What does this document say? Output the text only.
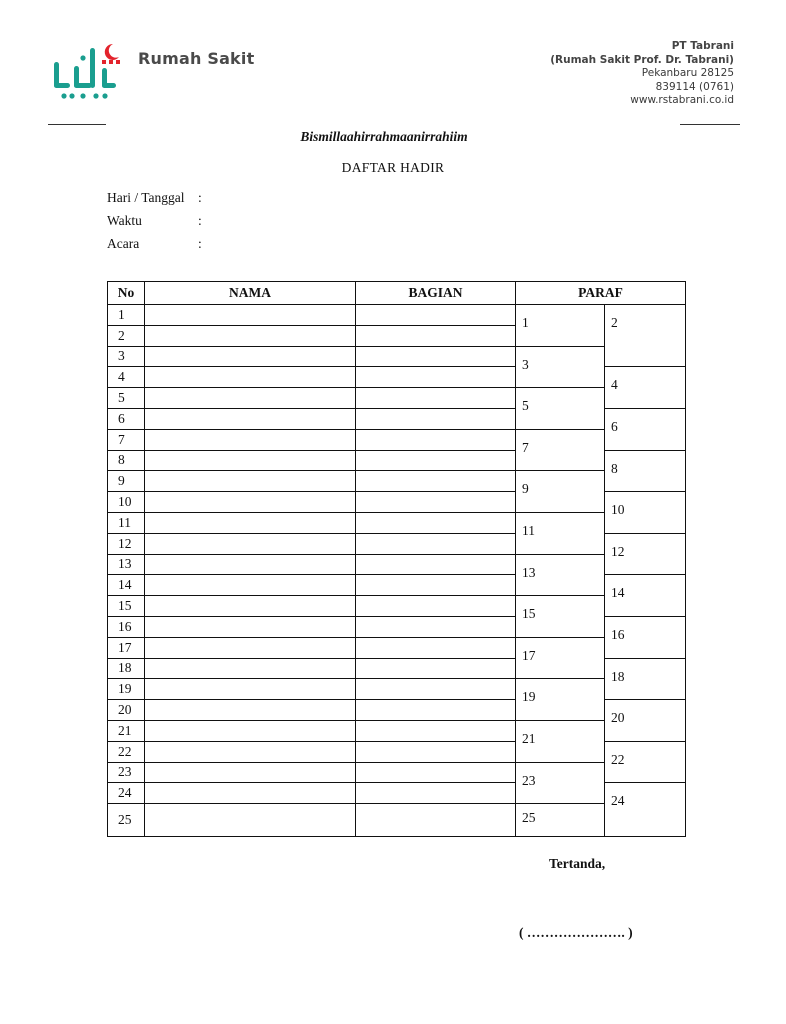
Rumah Sakit
PT Tabrani
(Rumah Sakit Prof. Dr. Tabrani)
Pekanbaru 28125
(0761) 839114
www.rstabrani.co.id
Bismillaahirrahmaanirrahiim
DAFTAR HADIR
Hari / Tanggal :
Waktu	:
Acara	:
No	NAMA	BAGIAN	PARAF	
1			1	2
2				
3			3	
4				4
5			5	
6				6
7			7	
8				8
9			9	
10				10
11			11	
12				12
13			13	
14				14
15			15	
16				16
17			17	
18				18
19			19	
20				20
21			21	
22				22
23			23	
24				24
25			25	
Tertanda,
( …………………. )
